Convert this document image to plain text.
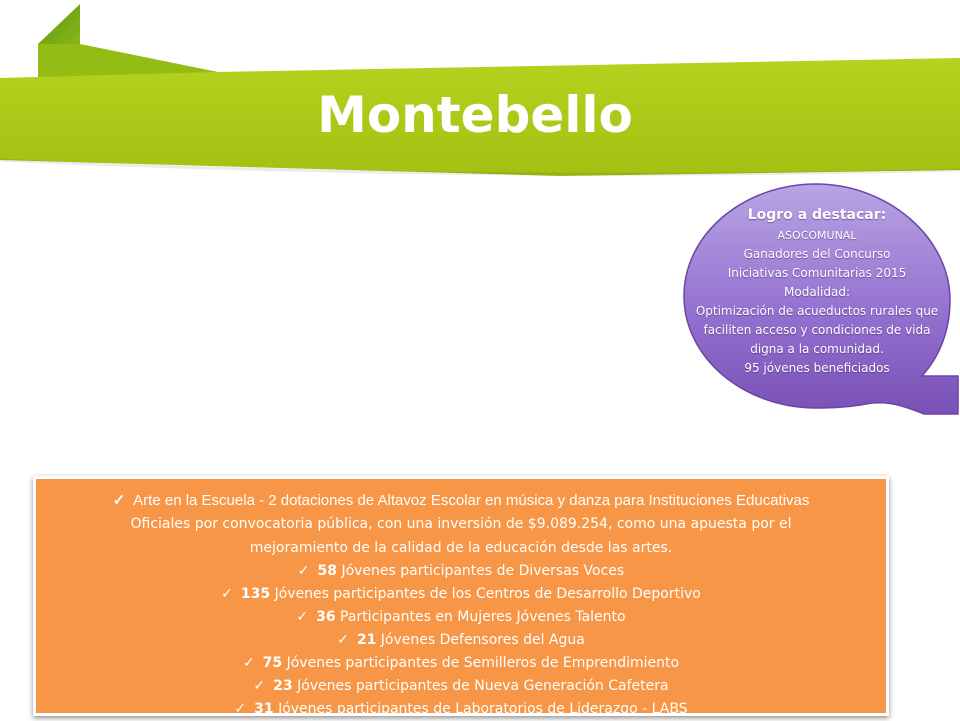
Montebello
Logro a destacar:
ASOCOMUNAL
Ganadores del Concurso
Iniciativas Comunitarias 2015
Modalidad:
Optimización de acueductos rurales que
faciliten acceso y condiciones de vida
digna a la comunidad.
95 jóvenes beneficiados
✓ Arte en la Escuela - 2 dotaciones de Altavoz Escolar en música y danza para Instituciones Educativas
Oficiales por convocatoria pública, con una inversión de $9.089.254, como una apuesta por el
mejoramiento de la calidad de la educación desde las artes.
✓ 58 Jóvenes participantes de Diversas Voces
✓ 135 Jóvenes participantes de los Centros de Desarrollo Deportivo
✓ 36 Participantes en Mujeres Jóvenes Talento
✓ 21 Jóvenes Defensores del Agua
✓ 75 Jóvenes participantes de Semilleros de Emprendimiento
✓ 23 Jóvenes participantes de Nueva Generación Cafetera
✓ 31 Jóvenes participantes de Laboratorios de Liderazgo - LABS
